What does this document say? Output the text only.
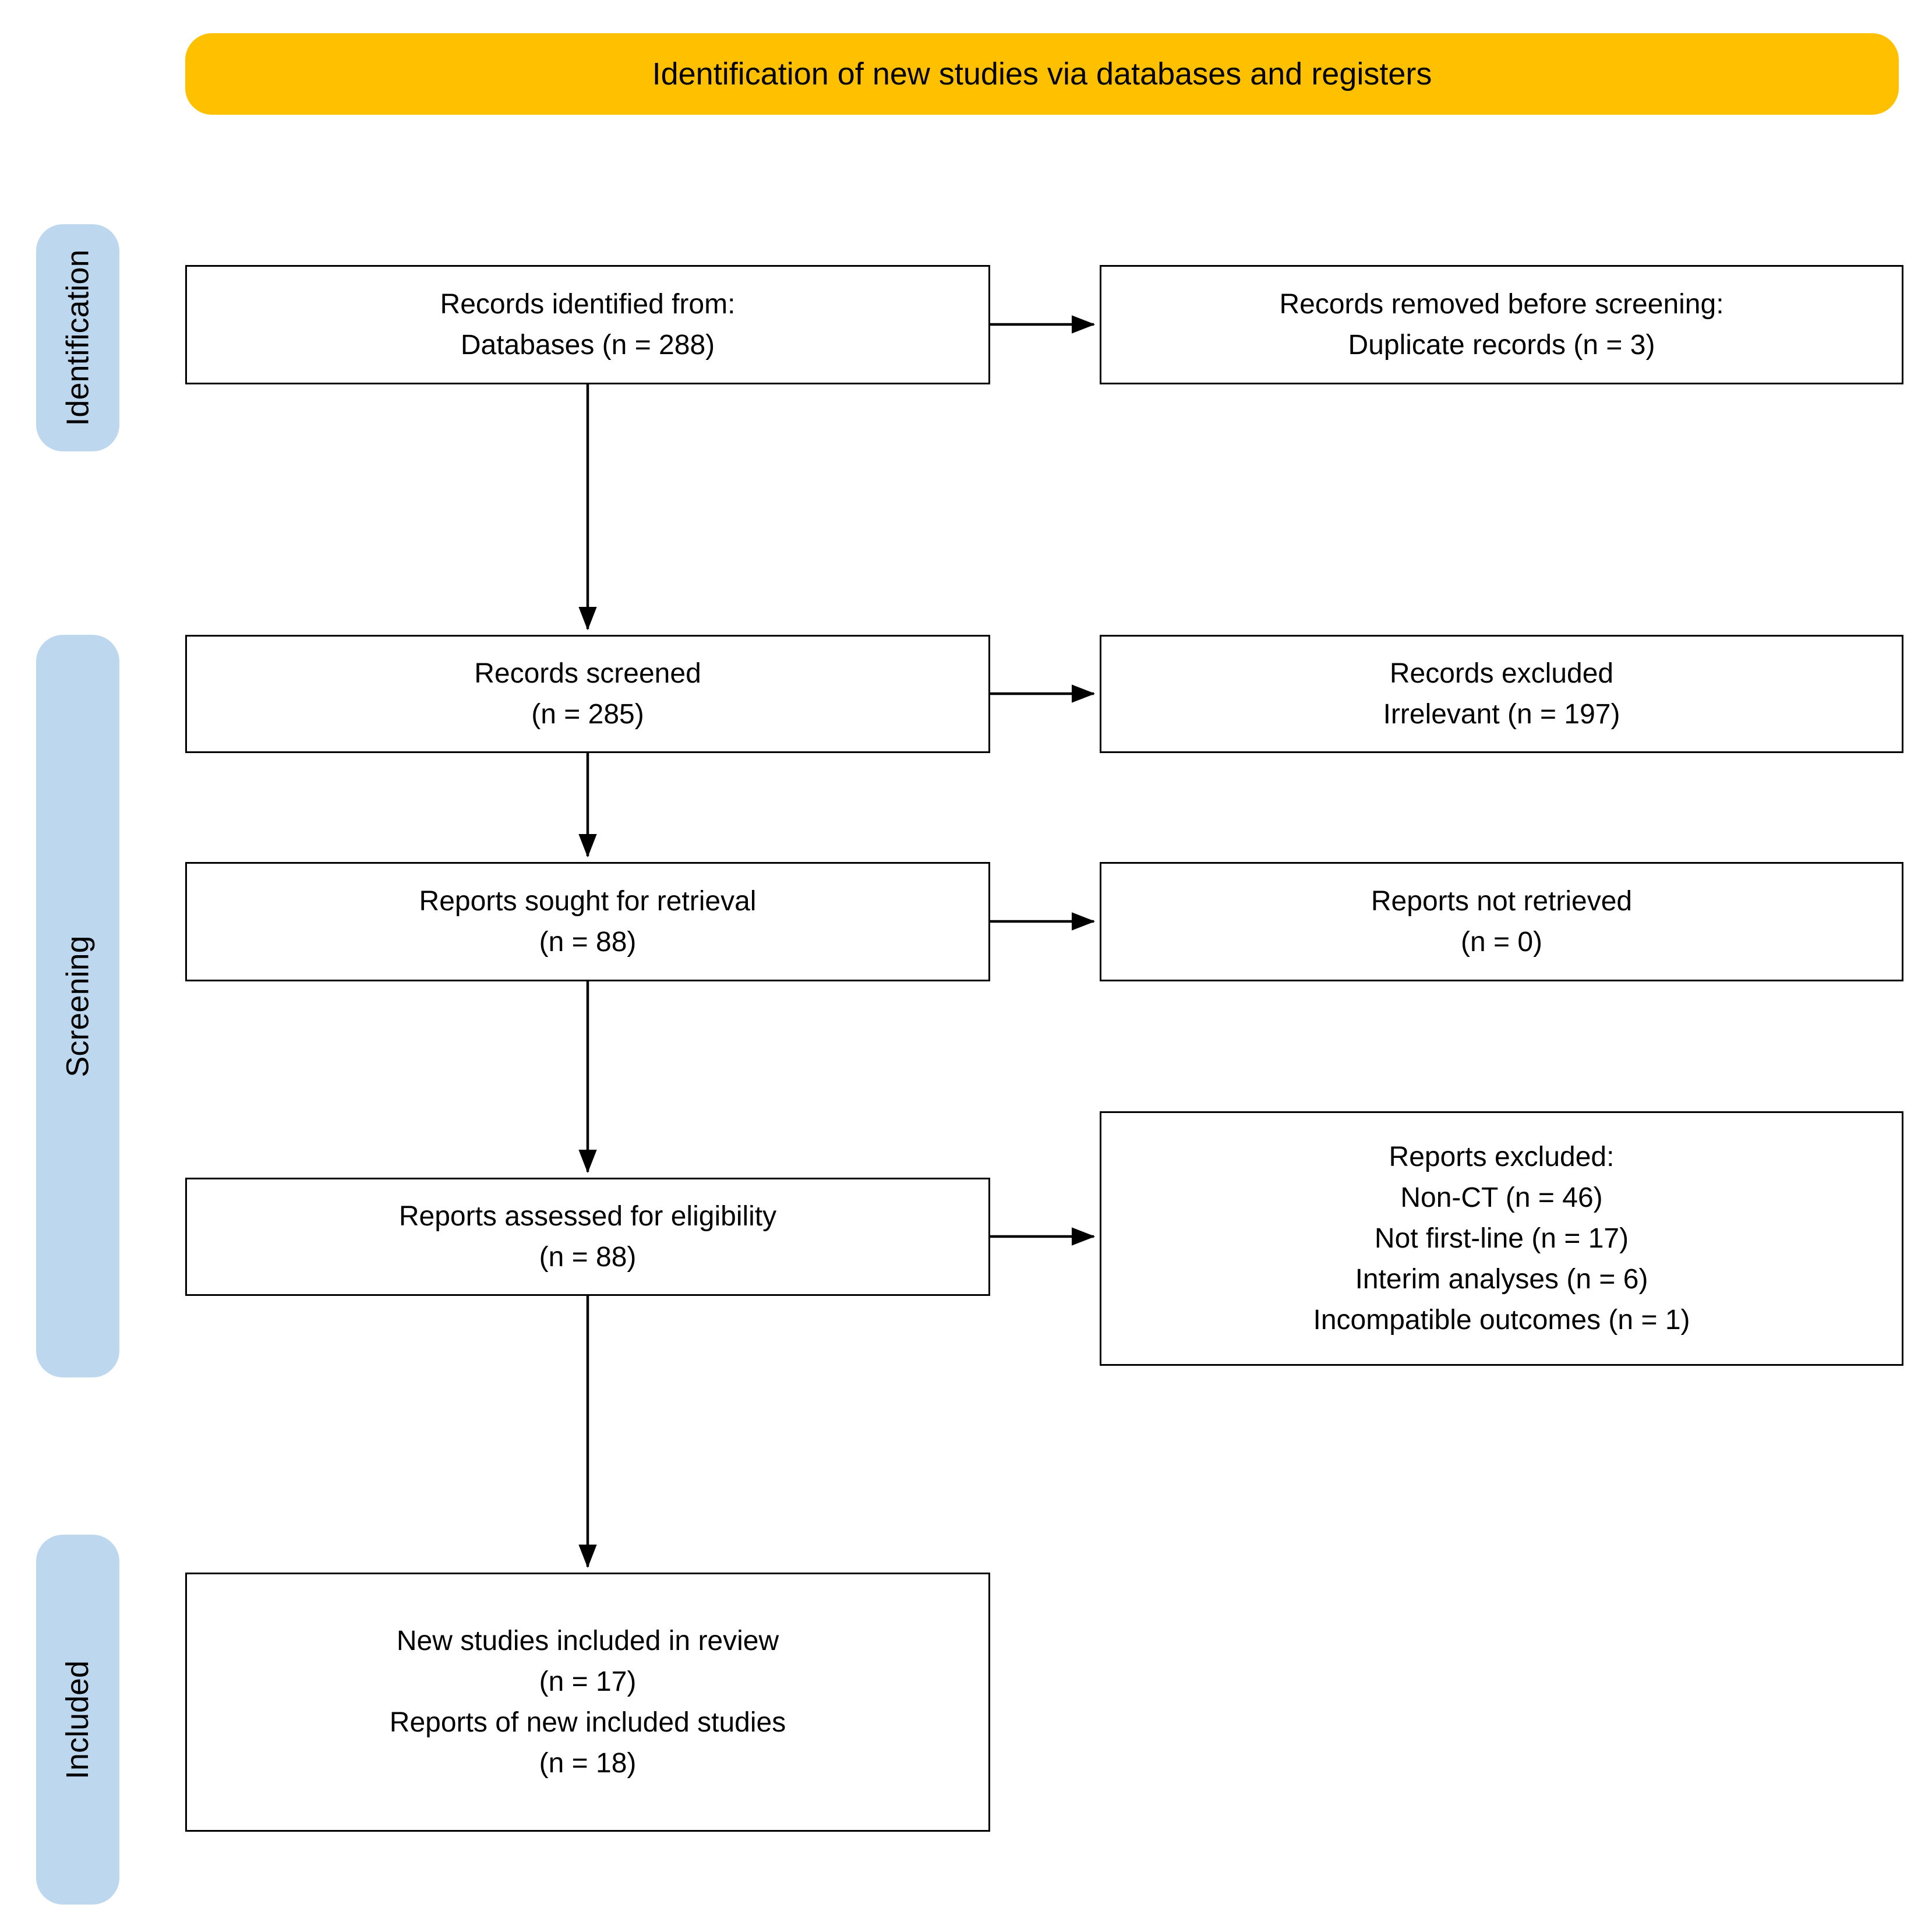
Identification of new studies via databases and registers
Identification
Screening
Included
Records identified from:
Databases (n = 288)
Records screened
(n = 285)
Reports sought for retrieval
(n = 88)
Reports assessed for eligibility
(n = 88)
New studies included in review
(n = 17)
Reports of new included studies
(n = 18)
Records removed before screening:
Duplicate records (n = 3)
Records excluded
Irrelevant (n = 197)
Reports not retrieved
(n = 0)
Reports excluded:
Non-CT (n = 46)
Not first-line (n = 17)
Interim analyses (n = 6)
Incompatible outcomes (n = 1)
